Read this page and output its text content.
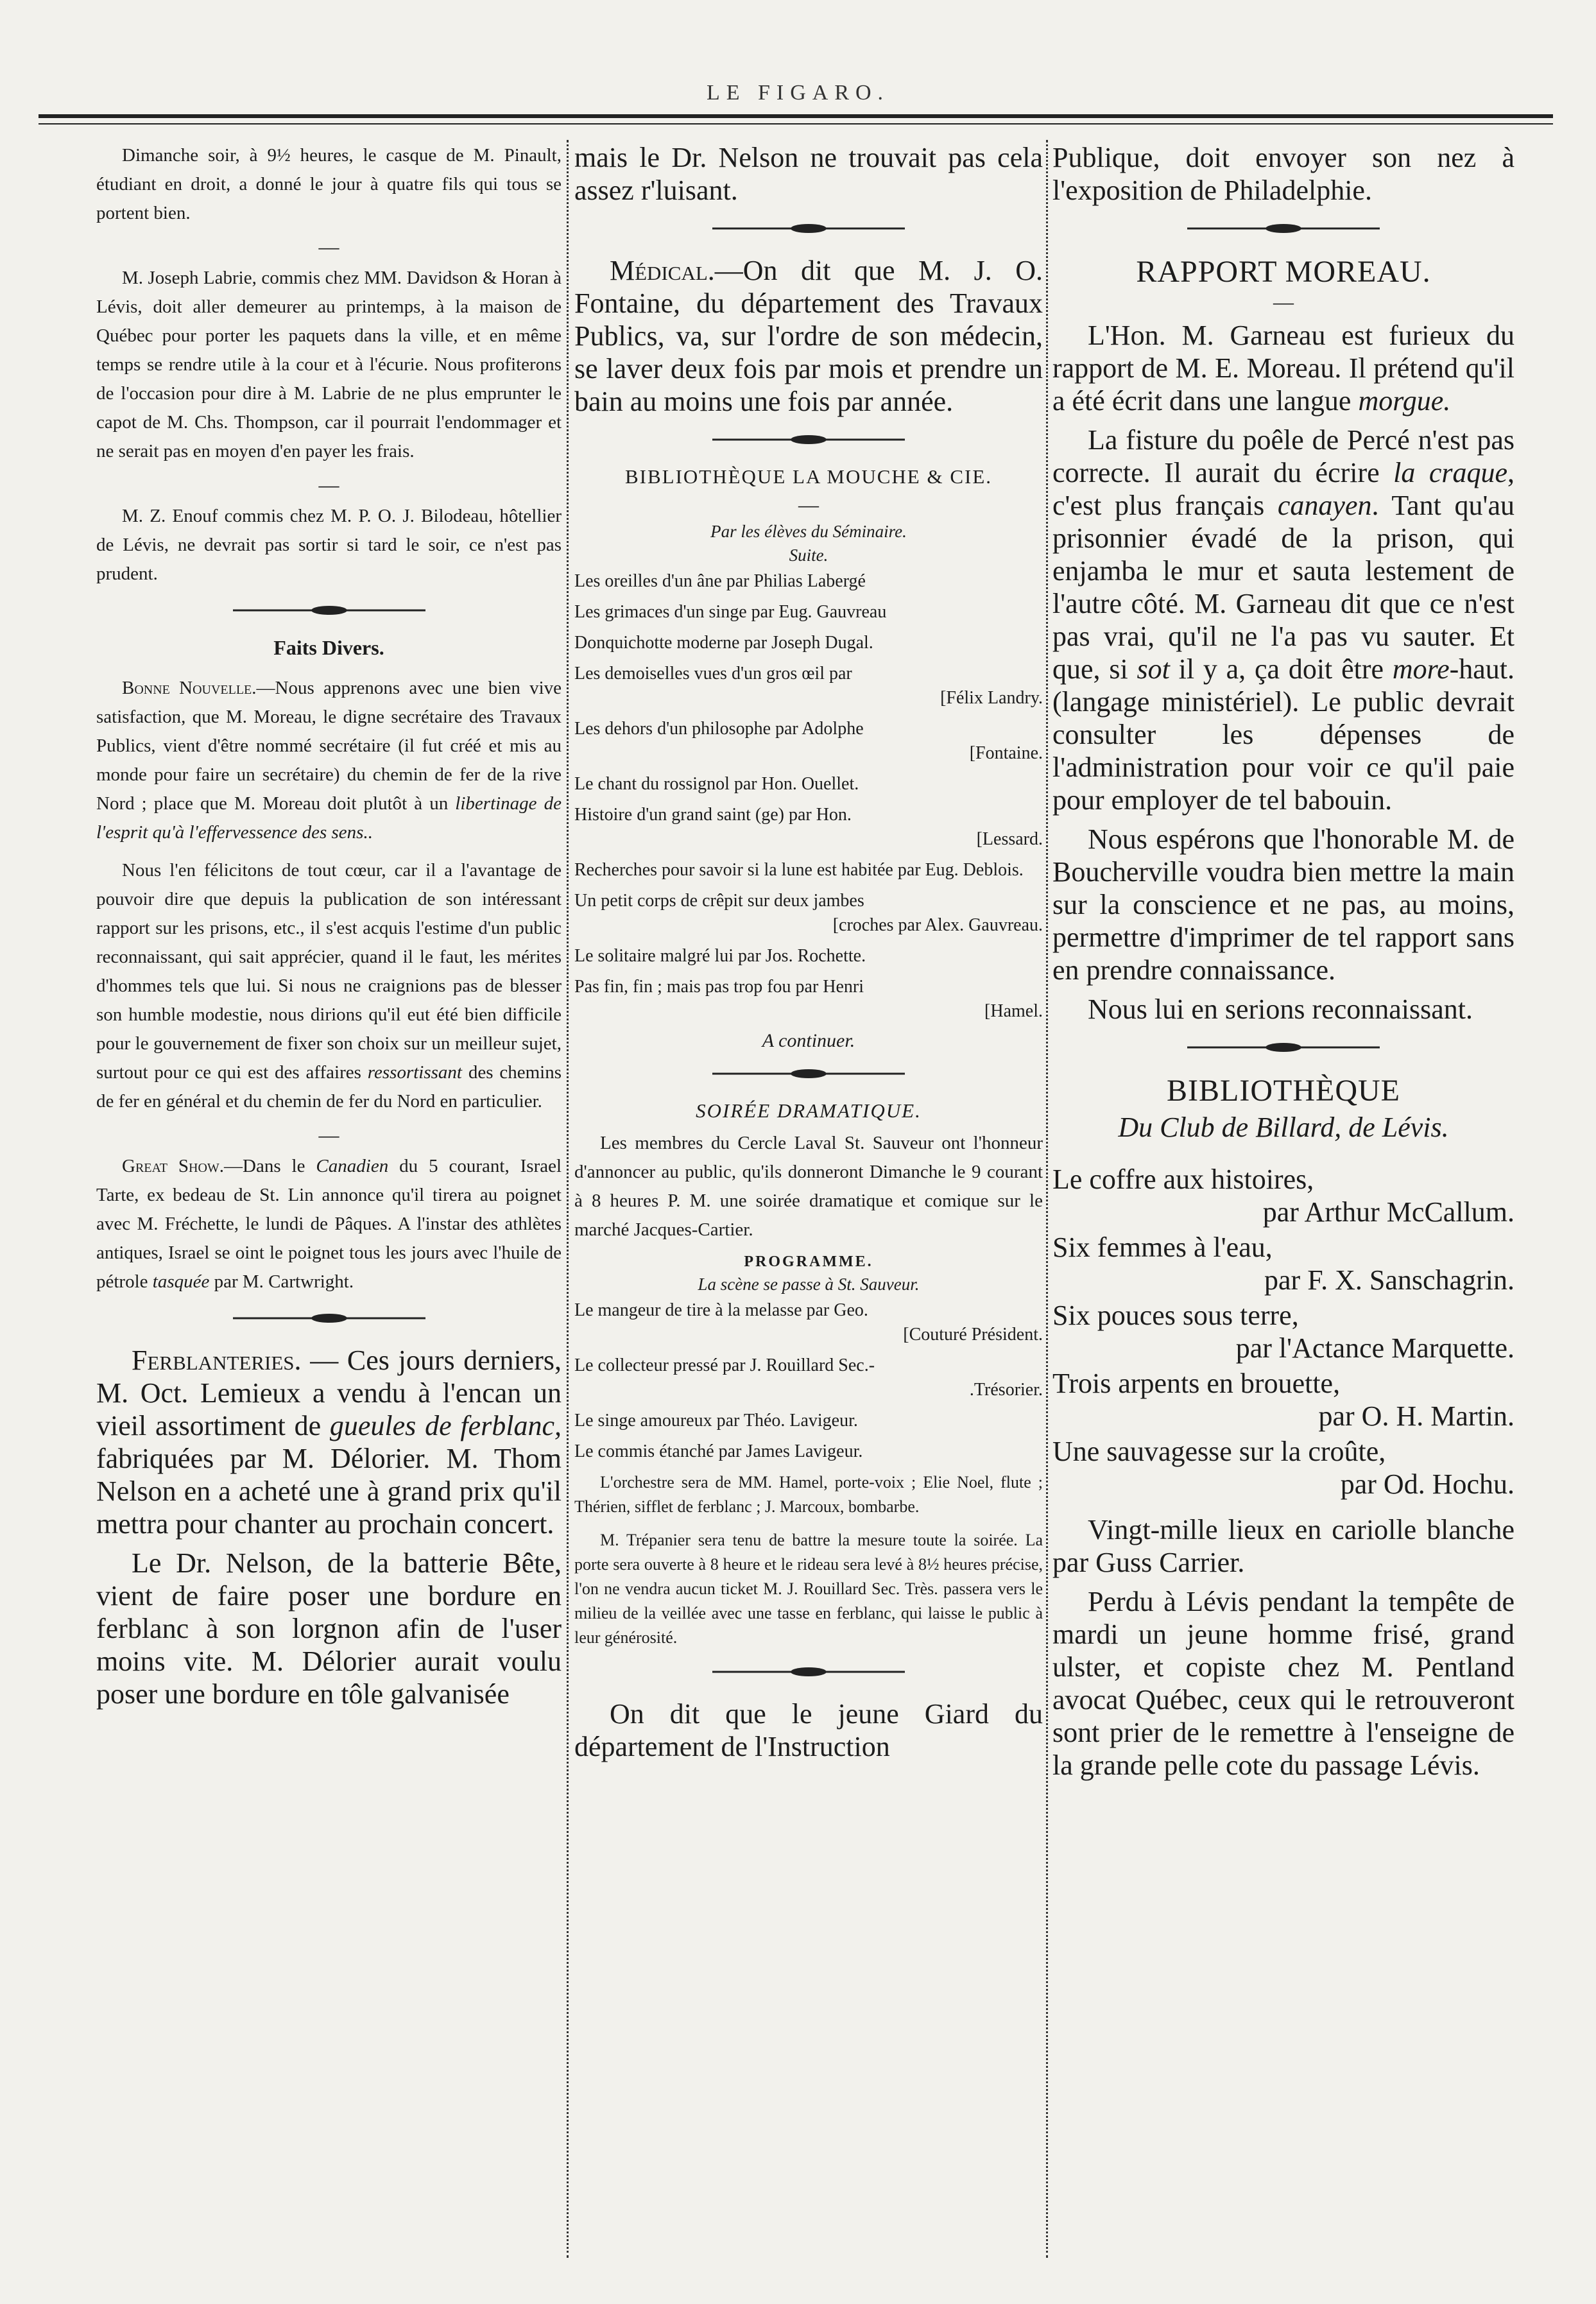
LE FIGARO.

Dimanche soir, à 9½ heures, le casque de M. Pinault, étudiant en droit, a donné le jour à quatre fils qui tous se portent bien.

—

M. Joseph Labrie, commis chez MM. Davidson & Horan à Lévis, doit aller demeurer au printemps, à la maison de Québec pour porter les paquets dans la ville, et en même temps se rendre utile à la cour et à l'écurie. Nous profiterons de l'occasion pour dire à M. Labrie de ne plus emprunter le capot de M. Chs. Thompson, car il pourrait l'endommager et ne serait pas en moyen d'en payer les frais.

—

M. Z. Enouf commis chez M. P. O. J. Bilodeau, hôtellier de Lévis, ne devrait pas sortir si tard le soir, ce n'est pas prudent.

Faits Divers.

Bonne Nouvelle.—Nous apprenons avec une bien vive satisfaction, que M. Moreau, le digne secrétaire des Travaux Publics, vient d'être nommé secrétaire (il fut créé et mis au monde pour faire un secrétaire) du chemin de fer de la rive Nord ; place que M. Moreau doit plutôt à un libertinage de l'esprit qu'à l'effervessence des sens..

Nous l'en félicitons de tout cœur, car il a l'avantage de pouvoir dire que depuis la publication de son intéressant rapport sur les prisons, etc., il s'est acquis l'estime d'un public reconnaissant, qui sait apprécier, quand il le faut, les mérites d'hommes tels que lui. Si nous ne craignions pas de blesser son humble modestie, nous dirions qu'il eut été bien difficile pour le gouvernement de fixer son choix sur un meilleur sujet, surtout pour ce qui est des affaires ressortissant des chemins de fer en général et du chemin de fer du Nord en particulier.

—

Great Show.—Dans le Canadien du 5 courant, Israel Tarte, ex bedeau de St. Lin annonce qu'il tirera au poignet avec M. Fréchette, le lundi de Pâques. A l'instar des athlètes antiques, Israel se oint le poignet tous les jours avec l'huile de pétrole tasquée par M. Cartwright.

Ferblanteries. — Ces jours derniers, M. Oct. Lemieux a vendu à l'encan un vieil assortiment de gueules de ferblanc, fabriquées par M. Délorier. M. Thom Nelson en a acheté une à grand prix qu'il mettra pour chanter au prochain concert.

Le Dr. Nelson, de la batterie Bête, vient de faire poser une bordure en ferblanc à son lorgnon afin de l'user moins vite. M. Délorier aurait voulu poser une bordure en tôle galvanisée

mais le Dr. Nelson ne trouvait pas cela assez r'luisant.

Médical.—On dit que M. J. O. Fontaine, du département des Travaux Publics, va, sur l'ordre de son médecin, se laver deux fois par mois et prendre un bain au moins une fois par année.

BIBLIOTHÈQUE LA MOUCHE & CIE.
—
Par les élèves du Séminaire.
Suite.
Les oreilles d'un âne par Philias Labergé
Les grimaces d'un singe par Eug. Gauvreau
Donquichotte moderne par Joseph Dugal.
Les demoiselles vues d'un gros œil par
[Félix Landry.
Les dehors d'un philosophe par Adolphe
[Fontaine.
Le chant du rossignol par Hon. Ouellet.
Histoire d'un grand saint (ge) par Hon.
[Lessard.
Recherches pour savoir si la lune est habitée par Eug. Deblois.
Un petit corps de crêpit sur deux jambes
[croches par Alex. Gauvreau.
Le solitaire malgré lui par Jos. Rochette.
Pas fin, fin ; mais pas trop fou par Henri
[Hamel.
A continuer.
SOIRÉE DRAMATIQUE.

Les membres du Cercle Laval St. Sauveur ont l'honneur d'annoncer au public, qu'ils donneront Dimanche le 9 courant à 8 heures P. M. une soirée dramatique et comique sur le marché Jacques-Cartier.

PROGRAMME.
La scène se passe à St. Sauveur.
Le mangeur de tire à la melasse par Geo.
[Couturé Président.
Le collecteur pressé par J. Rouillard Sec.-
.Trésorier.
Le singe amoureux par Théo. Lavigeur.
Le commis étanché par James Lavigeur.

L'orchestre sera de MM. Hamel, porte-voix ; Elie Noel, flute ; Thérien, sifflet de ferblanc ; J. Marcoux, bombarbe.

M. Trépanier sera tenu de battre la mesure toute la soirée. La porte sera ouverte à 8 heure et le rideau sera levé à 8½ heures précise, l'on ne vendra aucun ticket M. J. Rouillard Sec. Très. passera vers le milieu de la veillée avec une tasse en ferblanc, qui laisse le public à leur générosité.

On dit que le jeune Giard du département de l'Instruction

Publique, doit envoyer son nez à l'exposition de Philadelphie.

RAPPORT MOREAU.
—

L'Hon. M. Garneau est furieux du rapport de M. E. Moreau. Il prétend qu'il a été écrit dans une langue morgue.

La fisture du poêle de Percé n'est pas correcte. Il aurait du écrire la craque, c'est plus français canayen. Tant qu'au prisonnier évadé de la prison, qui enjamba le mur et sauta lestement de l'autre côté. M. Garneau dit que ce n'est pas vrai, qu'il ne l'a pas vu sauter. Et que, si sot il y a, ça doit être more-haut. (langage ministériel). Le public devrait consulter les dépenses de l'administration pour voir ce qu'il paie pour employer de tel babouin.

Nous espérons que l'honorable M. de Boucherville voudra bien mettre la main sur la conscience et ne pas, au moins, permettre d'imprimer de tel rapport sans en prendre connaissance.

Nous lui en serions reconnaissant.

BIBLIOTHÈQUE
Du Club de Billard, de Lévis.
Le coffre aux histoires,
par Arthur McCallum.
Six femmes à l'eau,
par F. X. Sanschagrin.
Six pouces sous terre,
par l'Actance Marquette.
Trois arpents en brouette,
par O. H. Martin.
Une sauvagesse sur la croûte,
par Od. Hochu.

Vingt-mille lieux en cariolle blanche par Guss Carrier.

Perdu à Lévis pendant la tempête de mardi un jeune homme frisé, grand ulster, et copiste chez M. Pentland avocat Québec, ceux qui le retrouveront sont prier de le remettre à l'enseigne de la grande pelle cote du passage Lévis.
